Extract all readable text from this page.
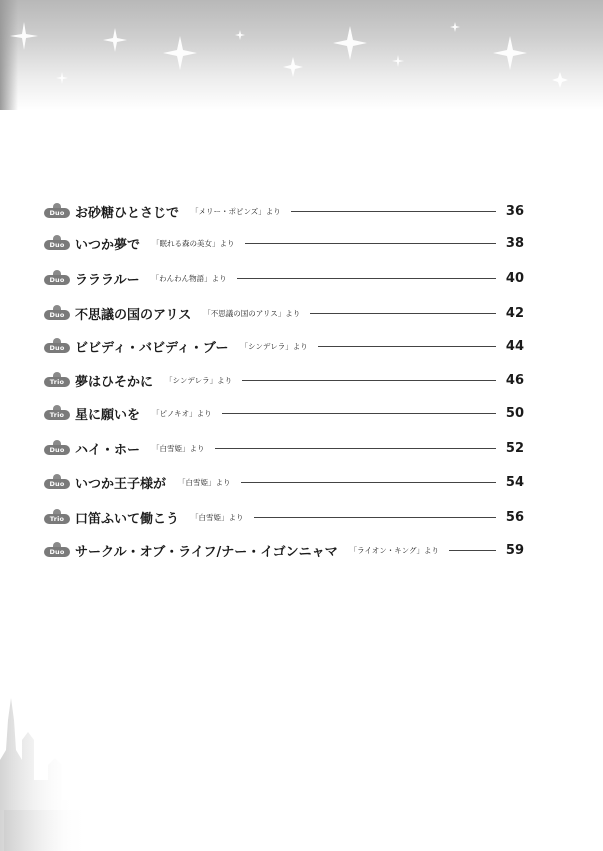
Duo お砂糖ひとさじで 「メリー・ポピンズ」より	36
Duo いつか夢で 「眠れる森の美女」より	38
Duo ラララルー 「わんわん物語」より	40
Duo 不思議の国のアリス 「不思議の国のアリス」より	42
Duo ビビディ・バビディ・ブー 「シンデレラ」より	44
Trio 夢はひそかに 「シンデレラ」より	46
Trio 星に願いを 「ピノキオ」より	50
Duo ハイ・ホー 「白雪姫」より	52
Duo いつか王子様が 「白雪姫」より	54
Trio 口笛ふいて働こう 「白雪姫」より	56
Duo サークル・オブ・ライフ/ナー・イゴンニャマ 「ライオン・キング」より	59
